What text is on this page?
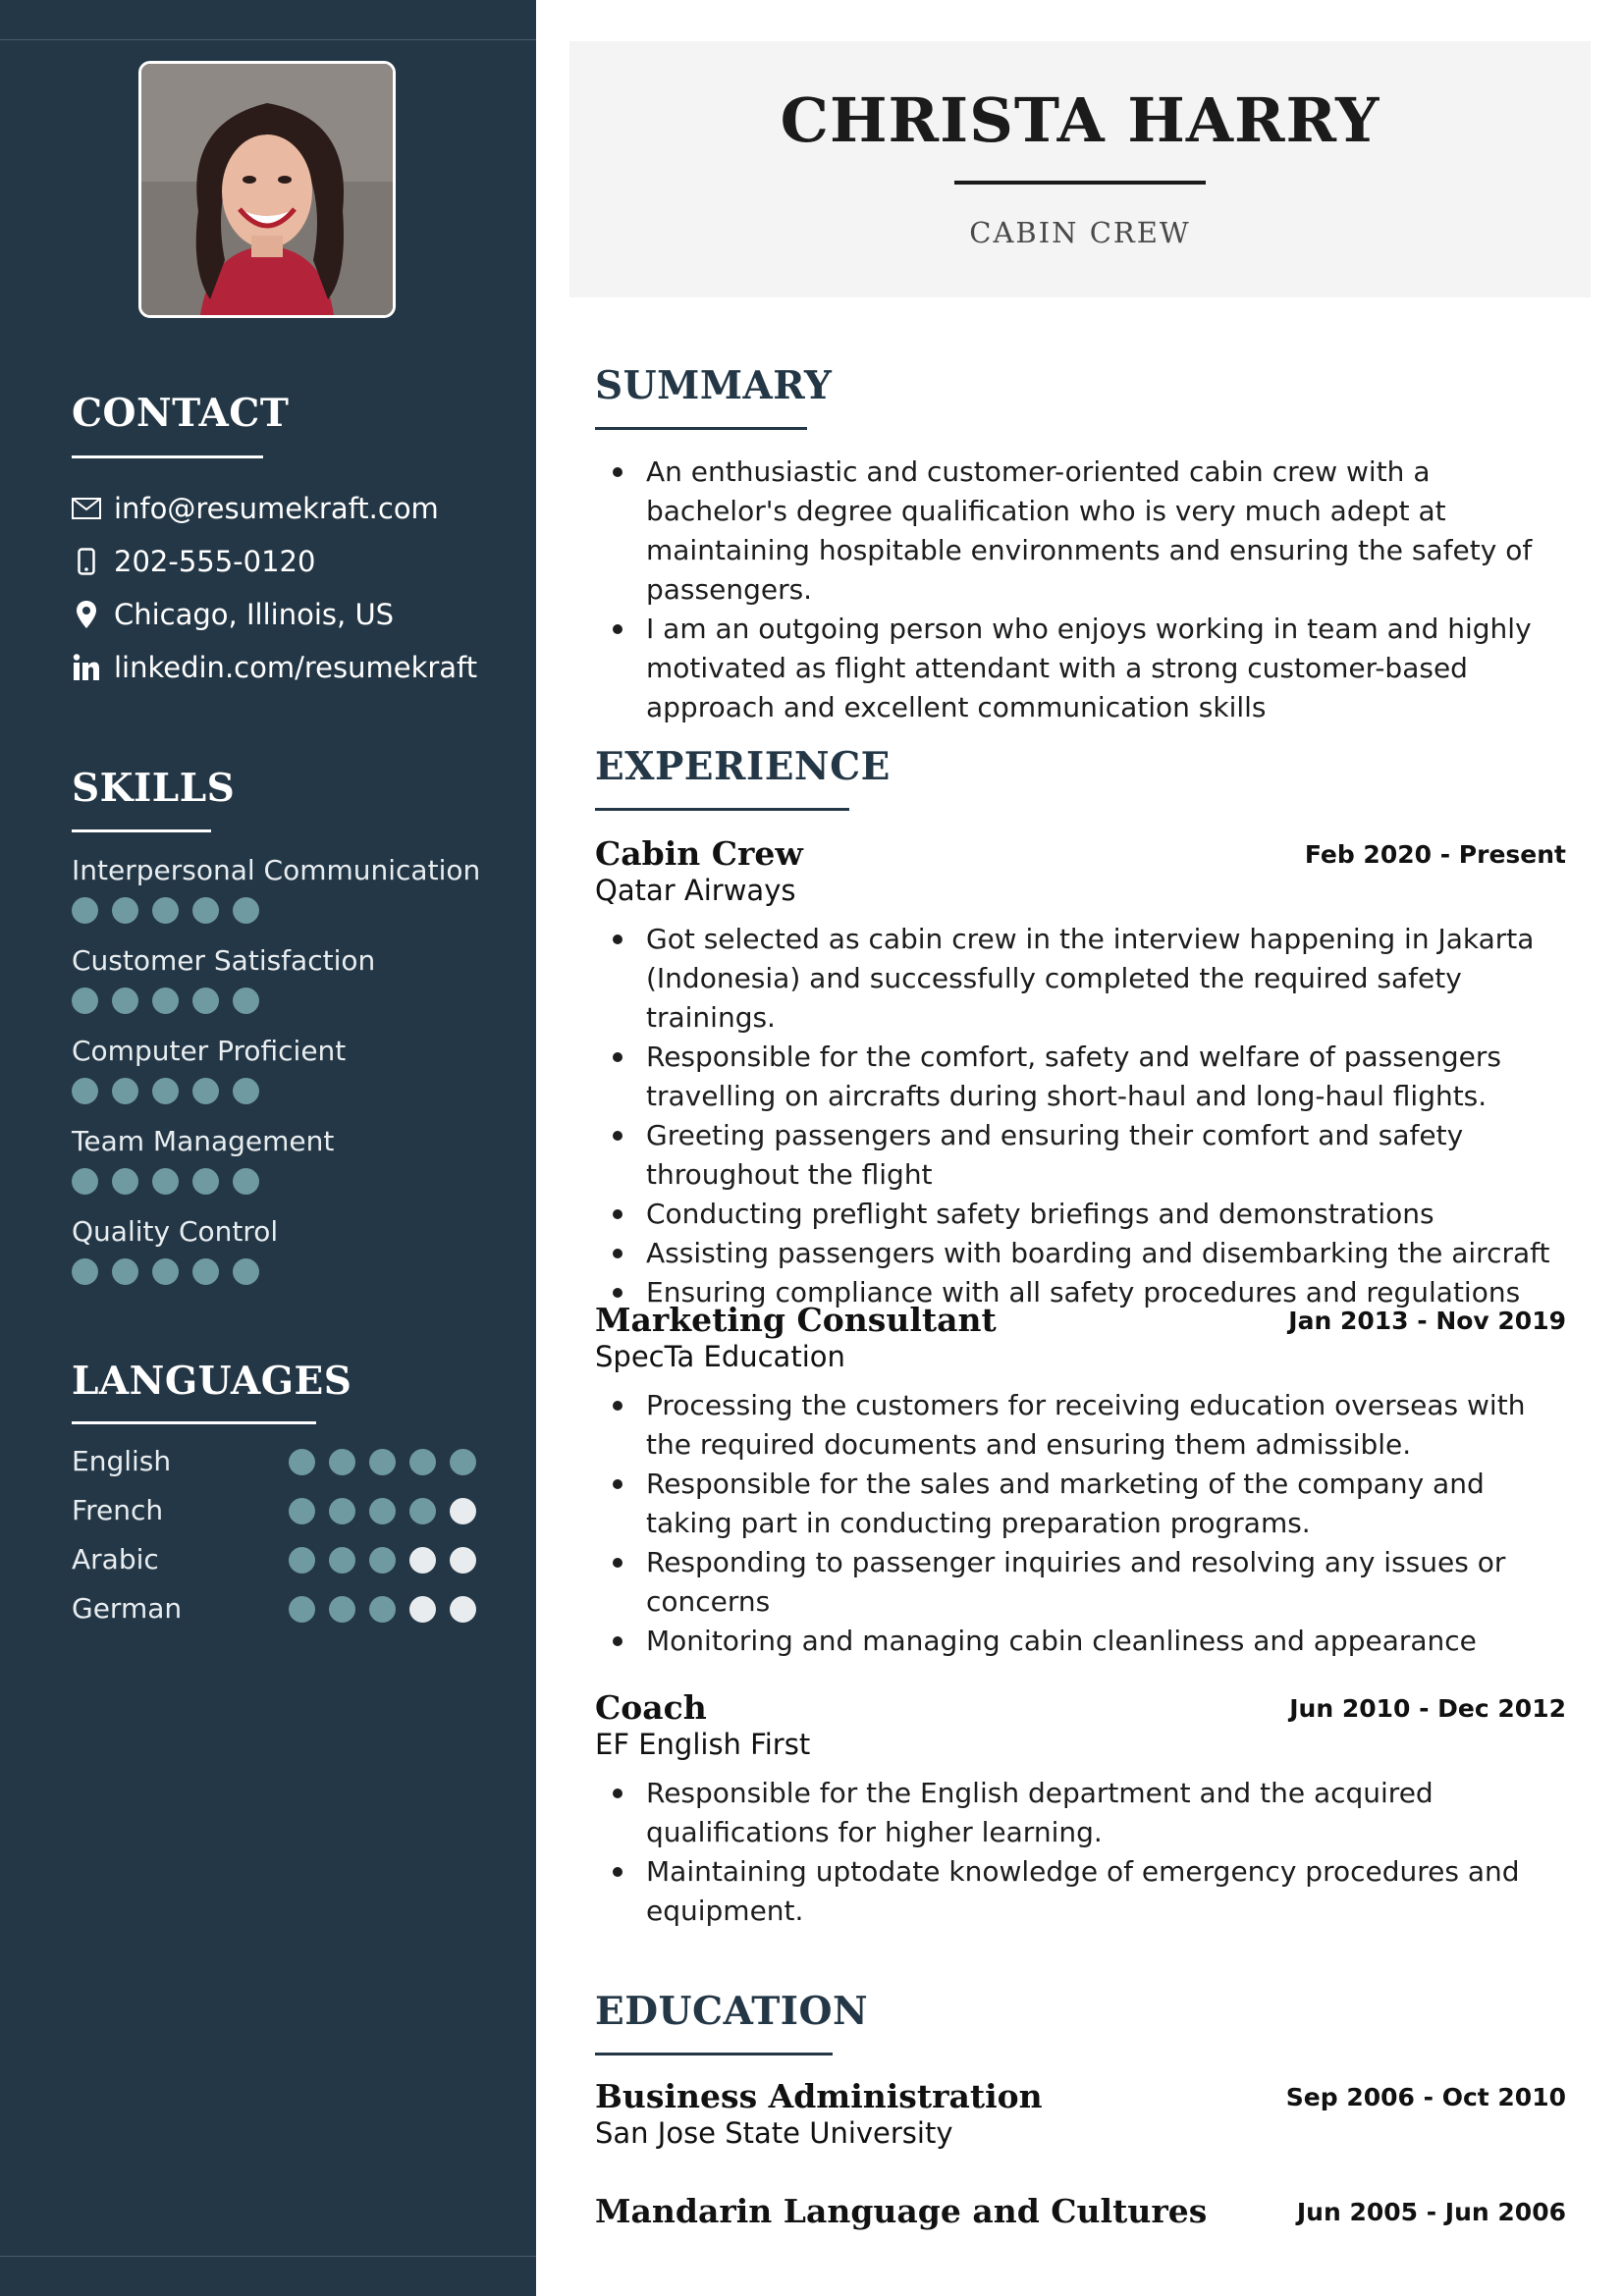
CONTACT
info@resumekraft.com
202-555-0120
Chicago, Illinois, US
linkedin.com/resumekraft
SKILLS
Interpersonal Communication
Customer Satisfaction
Computer Proficient
Team Management
Quality Control
LANGUAGES
English
French
Arabic
German
CHRISTA HARRY
CABIN CREW
SUMMARY
An enthusiastic and customer-oriented cabin crew with a bachelor's degree qualification who is very much adept at maintaining hospitable environments and ensuring the safety of passengers.
I am an outgoing person who enjoys working in team and highly motivated as flight attendant with a strong customer-based approach and excellent communication skills
EXPERIENCE
Cabin Crew	Feb 2020 - Present
Qatar Airways
Got selected as cabin crew in the interview happening in Jakarta (Indonesia) and successfully completed the required safety trainings.
Responsible for the comfort, safety and welfare of passengers travelling on aircrafts during short-haul and long-haul flights.
Greeting passengers and ensuring their comfort and safety throughout the flight
Conducting preflight safety briefings and demonstrations
Assisting passengers with boarding and disembarking the aircraft
Ensuring compliance with all safety procedures and regulations
Marketing Consultant	Jan 2013 - Nov 2019
SpecTa Education
Processing the customers for receiving education overseas with the required documents and ensuring them admissible.
Responsible for the sales and marketing of the company and taking part in conducting preparation programs.
Responding to passenger inquiries and resolving any issues or concerns
Monitoring and managing cabin cleanliness and appearance
Coach	Jun 2010 - Dec 2012
EF English First
Responsible for the English department and the acquired qualifications for higher learning.
Maintaining uptodate knowledge of emergency procedures and equipment.
EDUCATION
Business Administration	Sep 2006 - Oct 2010
San Jose State University
Mandarin Language and Cultures	Jun 2005 - Jun 2006
